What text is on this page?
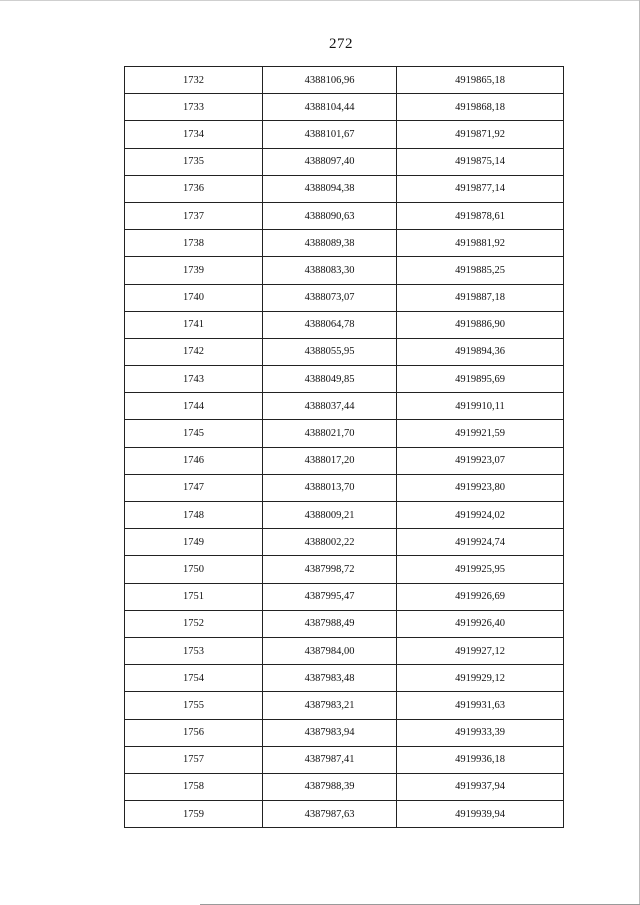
272
1732	4388106,96	4919865,18
1733	4388104,44	4919868,18
1734	4388101,67	4919871,92
1735	4388097,40	4919875,14
1736	4388094,38	4919877,14
1737	4388090,63	4919878,61
1738	4388089,38	4919881,92
1739	4388083,30	4919885,25
1740	4388073,07	4919887,18
1741	4388064,78	4919886,90
1742	4388055,95	4919894,36
1743	4388049,85	4919895,69
1744	4388037,44	4919910,11
1745	4388021,70	4919921,59
1746	4388017,20	4919923,07
1747	4388013,70	4919923,80
1748	4388009,21	4919924,02
1749	4388002,22	4919924,74
1750	4387998,72	4919925,95
1751	4387995,47	4919926,69
1752	4387988,49	4919926,40
1753	4387984,00	4919927,12
1754	4387983,48	4919929,12
1755	4387983,21	4919931,63
1756	4387983,94	4919933,39
1757	4387987,41	4919936,18
1758	4387988,39	4919937,94
1759	4387987,63	4919939,94
